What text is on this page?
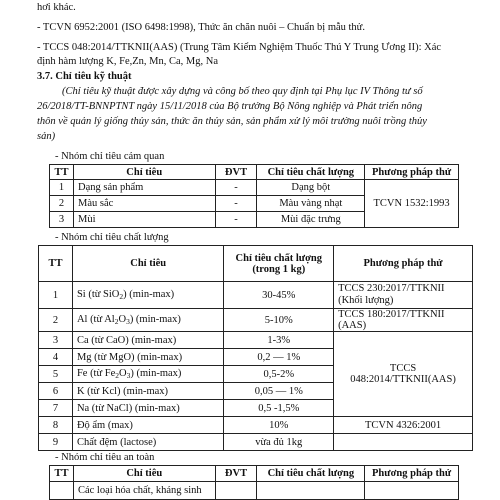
hơi khác.
- TCVN 6952:2001 (ISO 6498:1998), Thức ăn chăn nuôi – Chuẩn bị mẫu thử.
- TCCS 048:2014/TTKNII(AAS) (Trung Tâm Kiểm Nghiệm Thuốc Thú Y Trung Ương II): Xác
định hàm lượng K, Fe,Zn, Mn, Ca, Mg, Na
3.7. Chỉ tiêu kỹ thuật
(Chỉ tiêu kỹ thuật được xây dựng và công bố theo quy định tại Phụ lục IV Thông tư số
26/2018/TT-BNNPTNT ngày 15/11/2018 của Bộ trưởng Bộ Nông nghiệp và Phát triển nông
thôn về quản lý giống thủy sản, thức ăn thủy sản, sản phẩm xử lý môi trường nuôi trồng thủy
sản)
- Nhóm chỉ tiêu cảm quan
TT	Chỉ tiêu	ĐVT	Chỉ tiêu chất lượng	Phương pháp thử
1	Dạng sản phẩm	-	Dạng bột	TCVN 1532:1993
2	Màu sắc	-	Màu vàng nhạt	
3	Mùi	-	Mùi đặc trưng	
- Nhóm chỉ tiêu chất lượng
TT	Chỉ tiêu	Chỉ tiêu chất lượng (trong 1 kg)	Phương pháp thử
1	Si (từ SiO$_2$) (min-max)	30-45%	TCCS 230:2017/TTKNII (Khối lượng)
2	Al (từ $Al_2O_3$) (min-max)	5-10%	TCCS 180:2017/TTKNII (AAS)
3	Ca (từ CaO) (min-max)	1-3%	TCCS 048:2014/TTKNII(AAS)
4	Mg (từ MgO) (min-max)	0,2 — 1%	
5	Fe (từ $Fe_2O_3$) (min-max)	0,5-2%	
6	K (từ Kcl) (min-max)	0,05 — 1%	
7	Na (từ NaCl) (min-max)	0,5 -1,5%	
8	Độ ẩm (max)	10%	TCVN 4326:2001
9	Chất đệm (lactose)	vừa đủ 1kg	
- Nhóm chỉ tiêu an toàn
TT	Chỉ tiêu	ĐVT	Chỉ tiêu chất lượng	Phương pháp thử
	Các loại hóa chất, kháng sinh			
